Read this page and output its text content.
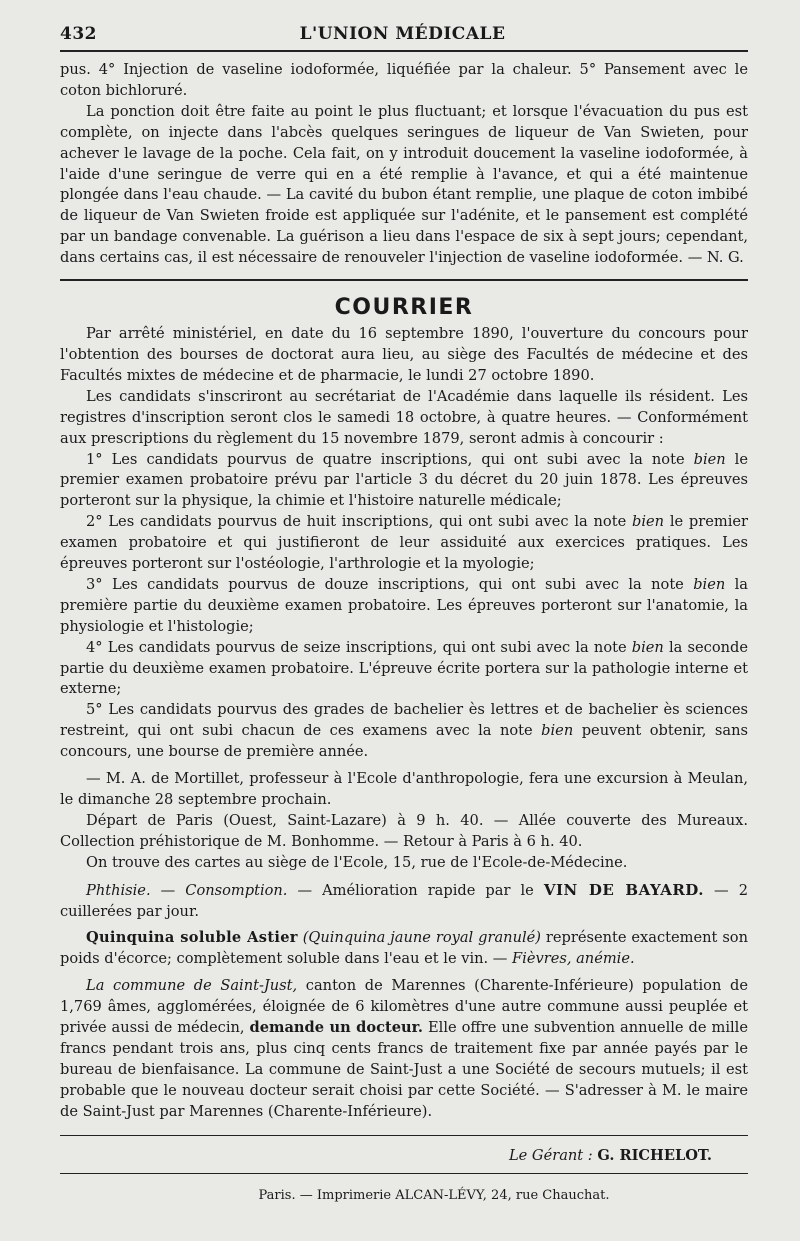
432	L'UNION MÉDICALE

pus. 4° Injection de vaseline iodoformée, liquéfiée par la chaleur. 5° Pansement avec le coton bichloruré.

La ponction doit être faite au point le plus fluctuant; et lorsque l'évacuation du pus est complète, on injecte dans l'abcès quelques seringues de liqueur de Van Swieten, pour achever le lavage de la poche. Cela fait, on y introduit doucement la vaseline iodoformée, à l'aide d'une seringue de verre qui en a été remplie à l'avance, et qui a été maintenue plongée dans l'eau chaude. — La cavité du bubon étant remplie, une plaque de coton imbibé de liqueur de Van Swieten froide est appliquée sur l'adénite, et le pansement est complété par un bandage convenable. La guérison a lieu dans l'espace de six à sept jours; cependant, dans certains cas, il est nécessaire de renouveler l'injection de vaseline iodoformée. — N. G.

COURRIER

Par arrêté ministériel, en date du 16 septembre 1890, l'ouverture du concours pour l'obtention des bourses de doctorat aura lieu, au siège des Facultés de médecine et des Facultés mixtes de médecine et de pharmacie, le lundi 27 octobre 1890.

Les candidats s'inscriront au secrétariat de l'Académie dans laquelle ils résident. Les registres d'inscription seront clos le samedi 18 octobre, à quatre heures. — Conformément aux prescriptions du règlement du 15 novembre 1879, seront admis à concourir :

1° Les candidats pourvus de quatre inscriptions, qui ont subi avec la note bien le premier examen probatoire prévu par l'article 3 du décret du 20 juin 1878. Les épreuves porteront sur la physique, la chimie et l'histoire naturelle médicale;

2° Les candidats pourvus de huit inscriptions, qui ont subi avec la note bien le premier examen probatoire et qui justifieront de leur assiduité aux exercices pratiques. Les épreuves porteront sur l'ostéologie, l'arthrologie et la myologie;

3° Les candidats pourvus de douze inscriptions, qui ont subi avec la note bien la première partie du deuxième examen probatoire. Les épreuves porteront sur l'anatomie, la physiologie et l'histologie;

4° Les candidats pourvus de seize inscriptions, qui ont subi avec la note bien la seconde partie du deuxième examen probatoire. L'épreuve écrite portera sur la pathologie interne et externe;

5° Les candidats pourvus des grades de bachelier ès lettres et de bachelier ès sciences restreint, qui ont subi chacun de ces examens avec la note bien peuvent obtenir, sans concours, une bourse de première année.

— M. A. de Mortillet, professeur à l'Ecole d'anthropologie, fera une excursion à Meulan, le dimanche 28 septembre prochain.

Départ de Paris (Ouest, Saint-Lazare) à 9 h. 40. — Allée couverte des Mureaux. Collection préhistorique de M. Bonhomme. — Retour à Paris à 6 h. 40.

On trouve des cartes au siège de l'Ecole, 15, rue de l'Ecole-de-Médecine.

Phthisie. — Consomption. — Amélioration rapide par le VIN DE BAYARD. — 2 cuillerées par jour.

Quinquina soluble Astier (Quinquina jaune royal granulé) représente exactement son poids d'écorce; complètement soluble dans l'eau et le vin. — Fièvres, anémie.

La commune de Saint-Just, canton de Marennes (Charente-Inférieure) population de 1,769 âmes, agglomérées, éloignée de 6 kilomètres d'une autre commune aussi peuplée et privée aussi de médecin, demande un docteur. Elle offre une subvention annuelle de mille francs pendant trois ans, plus cinq cents francs de traitement fixe par année payés par le bureau de bienfaisance. La commune de Saint-Just a une Société de secours mutuels; il est probable que le nouveau docteur serait choisi par cette Société. — S'adresser à M. le maire de Saint-Just par Marennes (Charente-Inférieure).

Le Gérant : G. RICHELOT.
Paris. — Imprimerie ALCAN-LÉVY, 24, rue Chauchat.
